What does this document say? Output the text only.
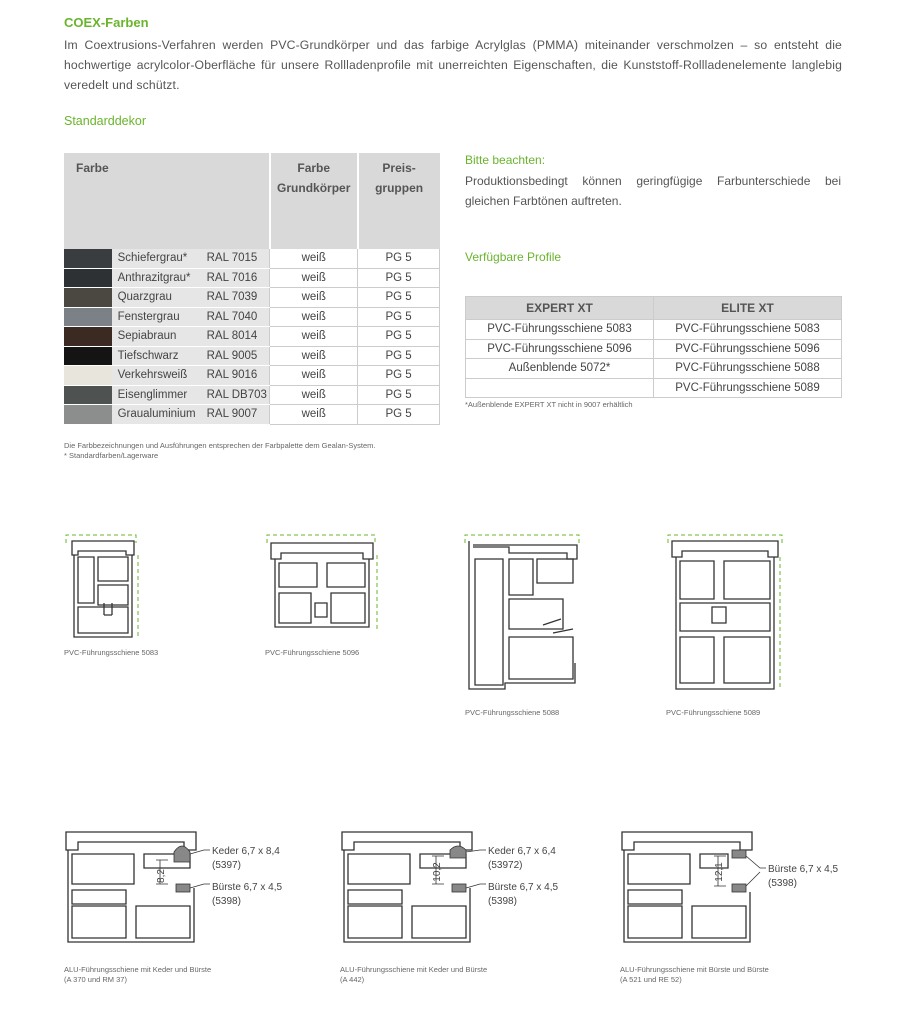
COEX-Farben
Im Coextrusions-Verfahren werden PVC-Grundkörper und das farbige Acrylglas (PMMA) miteinander verschmolzen – so entsteht die hochwertige acrylcolor-Oberfläche für unsere Rollladenprofile mit unerreichten Eigenschaften, die Kunststoff-Rollladenelemente langlebig veredelt und schützt.
Standarddekor
Farbe			Farbe Grundkörper	Preis- gruppen
	Schiefergrau*	RAL 7015	weiß	PG 5
	Anthrazitgrau*	RAL 7016	weiß	PG 5
	Quarzgrau	RAL 7039	weiß	PG 5
	Fenstergrau	RAL 7040	weiß	PG 5
	Sepiabraun	RAL 8014	weiß	PG 5
	Tiefschwarz	RAL 9005	weiß	PG 5
	Verkehrsweiß	RAL 9016	weiß	PG 5
	Eisenglimmer	RAL DB703	weiß	PG 5
	Graualuminium	RAL 9007	weiß	PG 5
Die Farbbezeichnungen und Ausführungen entsprechen der Farbpalette dem Gealan-System.
* Standardfarben/Lagerware
Bitte beachten:
Produktionsbedingt können geringfügige Farbunterschiede bei gleichen Farbtönen auftreten.
Verfügbare Profile
EXPERT XT	ELITE XT
PVC-Führungsschiene 5083	PVC-Führungsschiene 5083
PVC-Führungsschiene 5096	PVC-Führungsschiene 5096
Außenblende 5072*	PVC-Führungsschiene 5088
	PVC-Führungsschiene 5089
*Außenblende EXPERT XT nicht in 9007 erhältlich
PVC-Führungsschiene 5083	PVC-Führungsschiene 5096
PVC-Führungsschiene 5088	PVC-Führungsschiene 5089
8,2
Keder 6,7 x 8,4
(5397)
Bürste 6,7 x 4,5
(5398)
10,2
Keder 6,7 x 6,4
(53972)
Bürste 6,7 x 4,5
(5398)
12,1	Bürste 6,7 x 4,5
(5398)
ALU-Führungsschiene mit Keder und Bürste
(A 370 und RM 37)
ALU-Führungsschiene mit Keder und Bürste
(A 442)
ALU-Führungsschiene mit Bürste und Bürste
(A 521 und RE 52)
